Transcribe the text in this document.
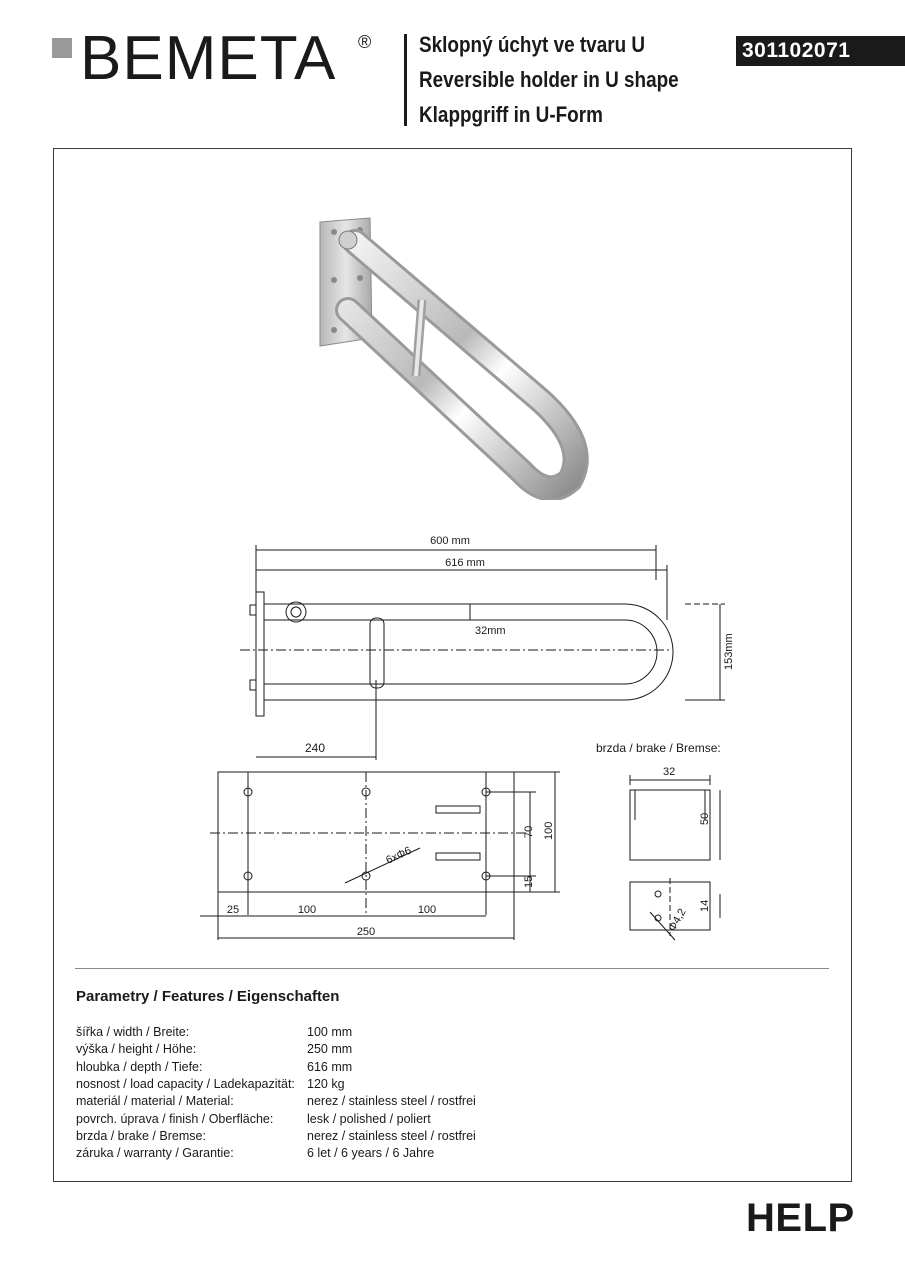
BEMETA ® Sklopný úchyt ve tvaru U
Reversible holder in U shape
Klappgriff in U-Form
301102071
600 mm
616 mm
32mm
153mm
240	brzda / brake / Bremse:
6xΦ6
25	100	100
250
70 100
15
32
50
14
Φ4,2
Parametry / Features / Eigenschaften
šířka / width / Breite:	100 mm
výška / height / Höhe:	250 mm
hloubka / depth / Tiefe:	616 mm
nosnost / load capacity / Ladekapazität: 120 kg
materiál / material / Material:	nerez / stainless steel / rostfrei
povrch. úprava / finish / Oberfläche:	lesk / polished / poliert
brzda / brake / Bremse:	nerez / stainless steel / rostfrei
záruka / warranty / Garantie:	6 let / 6 years / 6 Jahre
HELP
